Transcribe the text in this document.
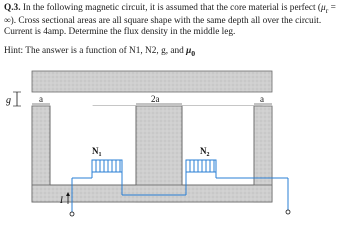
Q.3. In the following magnetic circuit, it is assumed that the core material is perfect ($\mu_r$ = ∞). Cross sectional areas are all square shape with the same depth all over the circuit. Current is 4amp. Determine the flux density in the middle leg.

Hint: The answer is a function of N1, N2, g, and $\mu_0$

g	a	2a	a
$N_1$	$N_2$
I
